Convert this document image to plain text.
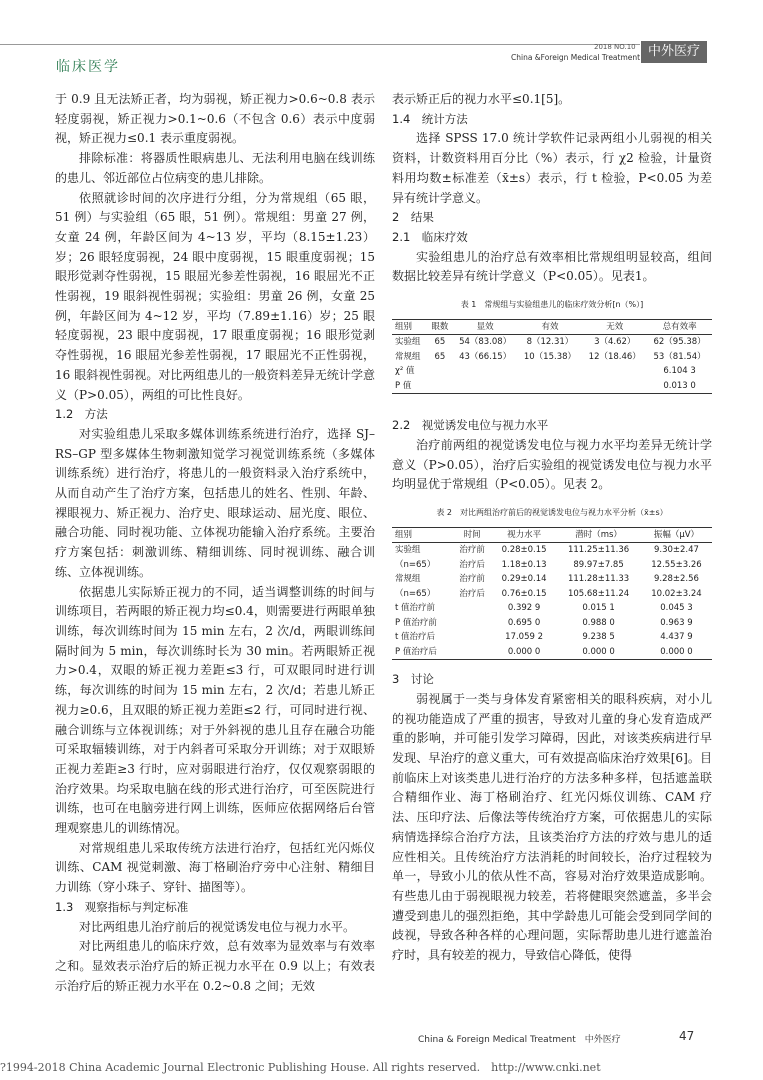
临床医学
2018 NO.10
China &Foreign Medical Treatment 中外医疗

于 0.9 且无法矫正者，均为弱视，矫正视力>0.6~0.8 表示轻度弱视，矫正视力>0.1~0.6（不包含 0.6）表示中度弱视，矫正视力≤0.1 表示重度弱视。

排除标准：将器质性眼病患儿、无法利用电脑在线训练的患儿、邻近部位占位病变的患儿排除。

依照就诊时间的次序进行分组，分为常规组（65 眼，51 例）与实验组（65 眼，51 例）。常规组：男童 27 例，女童 24 例，年龄区间为 4~13 岁，平均（8.15±1.23）岁；26 眼轻度弱视，24 眼中度弱视，15 眼重度弱视；15 眼形觉剥夺性弱视，15 眼屈光参差性弱视，16 眼屈光不正性弱视，19 眼斜视性弱视；实验组：男童 26 例，女童 25 例，年龄区间为 4~12 岁，平均（7.89±1.16）岁；25 眼轻度弱视，23 眼中度弱视，17 眼重度弱视；16 眼形觉剥夺性弱视，16 眼屈光参差性弱视，17 眼屈光不正性弱视，16 眼斜视性弱视。对比两组患儿的一般资料差异无统计学意义（P>0.05），两组的可比性良好。

1.2　方法

对实验组患儿采取多媒体训练系统进行治疗，选择 SJ–RS–GP 型多媒体生物刺激知觉学习视觉训练系统（多媒体训练系统）进行治疗，将患儿的一般资料录入治疗系统中，从而自动产生了治疗方案，包括患儿的姓名、性别、年龄、裸眼视力、矫正视力、治疗史、眼球运动、屈光度、眼位、融合功能、同时视功能、立体视功能输入治疗系统。主要治疗方案包括：刺激训练、精细训练、同时视训练、融合训练、立体视训练。

依据患儿实际矫正视力的不同，适当调整训练的时间与训练项目，若两眼的矫正视力均≤0.4，则需要进行两眼单独训练，每次训练时间为 15 min 左右，2 次/d，两眼训练间隔时间为 5 min，每次训练时长为 30 min。若两眼矫正视力>0.4，双眼的矫正视力差距≤3 行，可双眼同时进行训练，每次训练的时间为 15 min 左右，2 次/d；若患儿矫正视力≥0.6，且双眼的矫正视力差距≤2 行，可同时进行视、融合训练与立体视训练；对于外斜视的患儿且存在融合功能可采取辐辏训练，对于内斜者可采取分开训练；对于双眼矫正视力差距≥3 行时，应对弱眼进行治疗，仅仅观察弱眼的治疗效果。均采取电脑在线的形式进行治疗，可至医院进行训练，也可在电脑旁进行网上训练，医师应依据网络后台管理观察患儿的训练情况。

对常规组患儿采取传统方法进行治疗，包括红光闪烁仪训练、CAM 视觉刺激、海丁格刷治疗旁中心注射、精细目力训练（穿小珠子、穿针、描图等）。

1.3　观察指标与判定标准

对比两组患儿治疗前后的视觉诱发电位与视力水平。

对比两组患儿的临床疗效，总有效率为显效率与有效率之和。显效表示治疗后的矫正视力水平在 0.9 以上；有效表示治疗后的矫正视力水平在 0.2~0.8 之间；无效

表示矫正后的视力水平≤0.1[5]。

1.4　统计方法

选择 SPSS 17.0 统计学软件记录两组小儿弱视的相关资料，计数资料用百分比（%）表示，行 χ2 检验，计量资料用均数±标准差（x̄±s）表示，行 t 检验，P<0.05 为差异有统计学意义。

2　结果

2.1　临床疗效

实验组患儿的治疗总有效率相比常规组明显较高，组间数据比较差异有统计学意义（P<0.05）。见表1。

表 1　常规组与实验组患儿的临床疗效分析[n（%）]
组别	眼数	显效	有效	无效	总有效率
实验组	65	54（83.08）	8（12.31）	3（4.62）	62（95.38）
常规组	65	43（66.15）	10（15.38）	12（18.46）	53（81.54）
χ² 值					6.104 3
P 值					0.013 0

2.2　视觉诱发电位与视力水平

治疗前两组的视觉诱发电位与视力水平均差异无统计学意义（P>0.05），治疗后实验组的视觉诱发电位与视力水平均明显优于常规组（P<0.05）。见表 2。

表 2　对比两组治疗前后的视觉诱发电位与视力水平分析（x̄±s）
组别	时间	视力水平	潜时（ms）	振幅（μV）
实验组	治疗前	0.28±0.15	111.25±11.36	9.30±2.47
（n=65）	治疗后	1.18±0.13	89.97±7.85	12.55±3.26
常规组	治疗前	0.29±0.14	111.28±11.33	9.28±2.56
（n=65）	治疗后	0.76±0.15	105.68±11.24	10.02±3.24
t 值治疗前		0.392 9	0.015 1	0.045 3
P 值治疗前		0.695 0	0.988 0	0.963 9
t 值治疗后		17.059 2	9.238 5	4.437 9
P 值治疗后		0.000 0	0.000 0	0.000 0

3　讨论

弱视属于一类与身体发育紧密相关的眼科疾病，对小儿的视功能造成了严重的损害，导致对儿童的身心发育造成严重的影响，并可能引发学习障碍，因此，对该类疾病进行早发现、早治疗的意义重大，可有效提高临床治疗效果[6]。目前临床上对该类患儿进行治疗的方法多种多样，包括遮盖联合精细作业、海丁格刷治疗、红光闪烁仪训练、CAM 疗法、压印疗法、后像法等传统治疗方案，可依据患儿的实际病情选择综合治疗方法，且该类治疗方法的疗效与患儿的适应性相关。且传统治疗方法消耗的时间较长，治疗过程较为单一，导致小儿的依从性不高，容易对治疗效果造成影响。有些患儿由于弱视眼视力较差，若将健眼突然遮盖，多半会遭受到患儿的强烈拒绝，其中学龄患儿可能会受到同学间的歧视，导致各种各样的心理问题，实际帮助患儿进行遮盖治疗时，具有较差的视力，导致信心降低，使得

China & Foreign Medical Treatment　中外医疗	47
?1994-2018 China Academic Journal Electronic Publishing House. All rights reserved.　http://www.cnki.net
